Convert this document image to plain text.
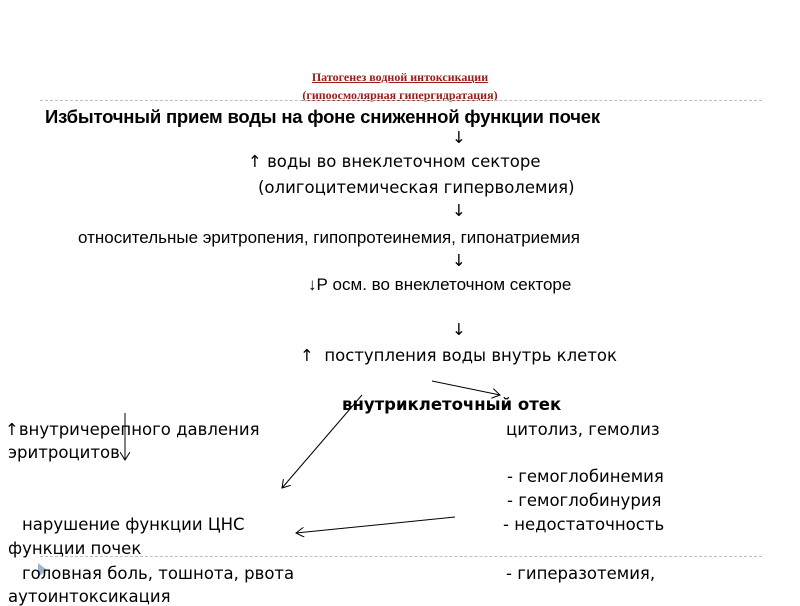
Патогенез водной интоксикации
(гипоосмолярная гипергидратация)
Избыточный прием воды на фоне сниженной функции почек
↓
↑ воды во внеклеточном секторе
(олигоцитемическая гиперволемия)
↓
относительные эритропения, гипопротеинемия, гипонатриемия
↓
↓Р осм. во внеклеточном секторе
↓
↑ поступления воды внутрь клеток
внутриклеточный отек
↑внутричерепного давления
эритроцитов
нарушение функции ЦНС
функции почек
головная боль, тошнота, рвота
аутоинтоксикация
цитолиз, гемолиз
- гемоглобинемия
- гемоглобинурия
- недостаточность
- гиперазотемия,
